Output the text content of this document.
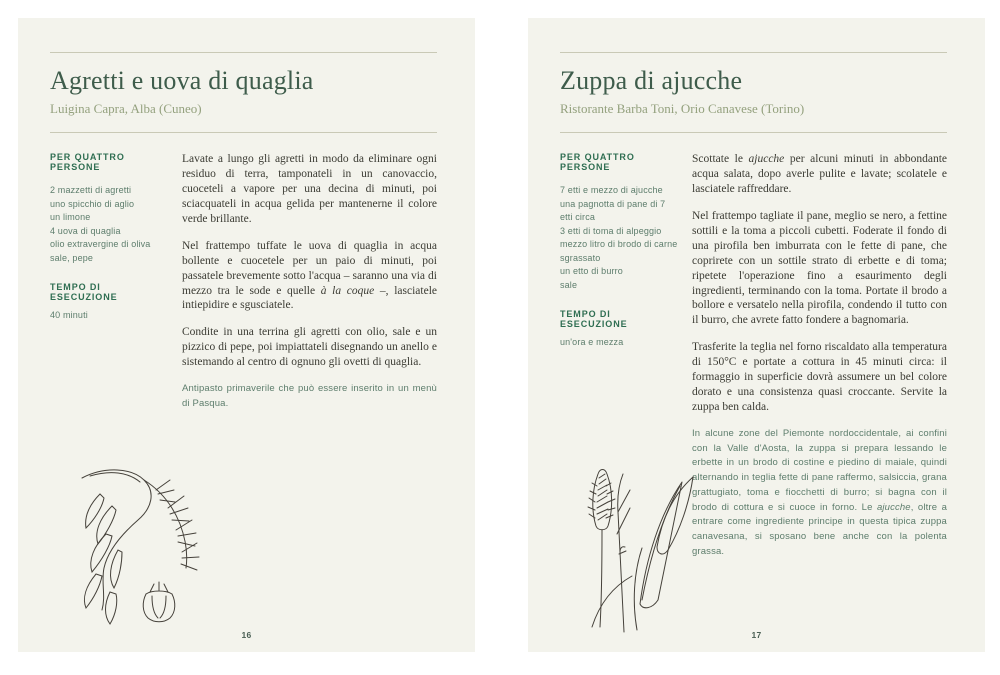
Agretti e uova di quaglia
Luigina Capra, Alba (Cuneo)
PER QUATTRO PERSONE
2 mazzetti di agretti
uno spicchio di aglio
un limone
4 uova di quaglia
olio extravergine di oliva
sale, pepe
TEMPO DI ESECUZIONE
40 minuti

Lavate a lungo gli agretti in modo da eliminare ogni residuo di terra, tamponateli in un canovaccio, cuoceteli a vapore per una decina di minuti, poi sciacquateli in acqua gelida per mantenerne il colore verde brillante.

Nel frattempo tuffate le uova di quaglia in acqua bollente e cuocetele per un paio di minuti, poi passatele brevemente sotto l'acqua – saranno una via di mezzo tra le sode e quelle à la coque –, lasciatele intiepidire e sgusciatele.

Condite in una terrina gli agretti con olio, sale e un pizzico di pepe, poi impiattateli disegnando un anello e sistemando al centro di ognuno gli ovetti di quaglia.

Antipasto primaverile che può essere inserito in un menù di Pasqua.

16
Zuppa di ajucche
Ristorante Barba Toni, Orio Canavese (Torino)
PER QUATTRO PERSONE
7 etti e mezzo di ajucche
una pagnotta di pane di 7 etti circa
3 etti di toma di alpeggio
mezzo litro di brodo di carne sgrassato
un etto di burro
sale
TEMPO DI ESECUZIONE
un'ora e mezza

Scottate le ajucche per alcuni minuti in abbondante acqua salata, dopo averle pulite e lavate; scolatele e lasciatele raffreddare.

Nel frattempo tagliate il pane, meglio se nero, a fettine sottili e la toma a piccoli cubetti. Foderate il fondo di una pirofila ben imburrata con le fette di pane, che coprirete con un sottile strato di erbette e di toma; ripetete l'operazione fino a esaurimento degli ingredienti, terminando con la toma. Portate il brodo a bollore e versatelo nella pirofila, condendo il tutto con il burro, che avrete fatto fondere a bagnomaria.

Trasferite la teglia nel forno riscaldato alla temperatura di 150°C e portate a cottura in 45 minuti circa: il formaggio in superficie dovrà assumere un bel colore dorato e una consistenza quasi croccante. Servite la zuppa ben calda.

In alcune zone del Piemonte nordoccidentale, ai confini con la Valle d'Aosta, la zuppa si prepara lessando le erbette in un brodo di costine e piedino di maiale, quindi alternando in teglia fette di pane raffermo, salsiccia, grana grattugiato, toma e fiocchetti di burro; si bagna con il brodo di cottura e si cuoce in forno. Le ajucche, oltre a entrare come ingrediente principe in questa tipica zuppa canavesana, si sposano bene anche con la polenta grassa.

17
